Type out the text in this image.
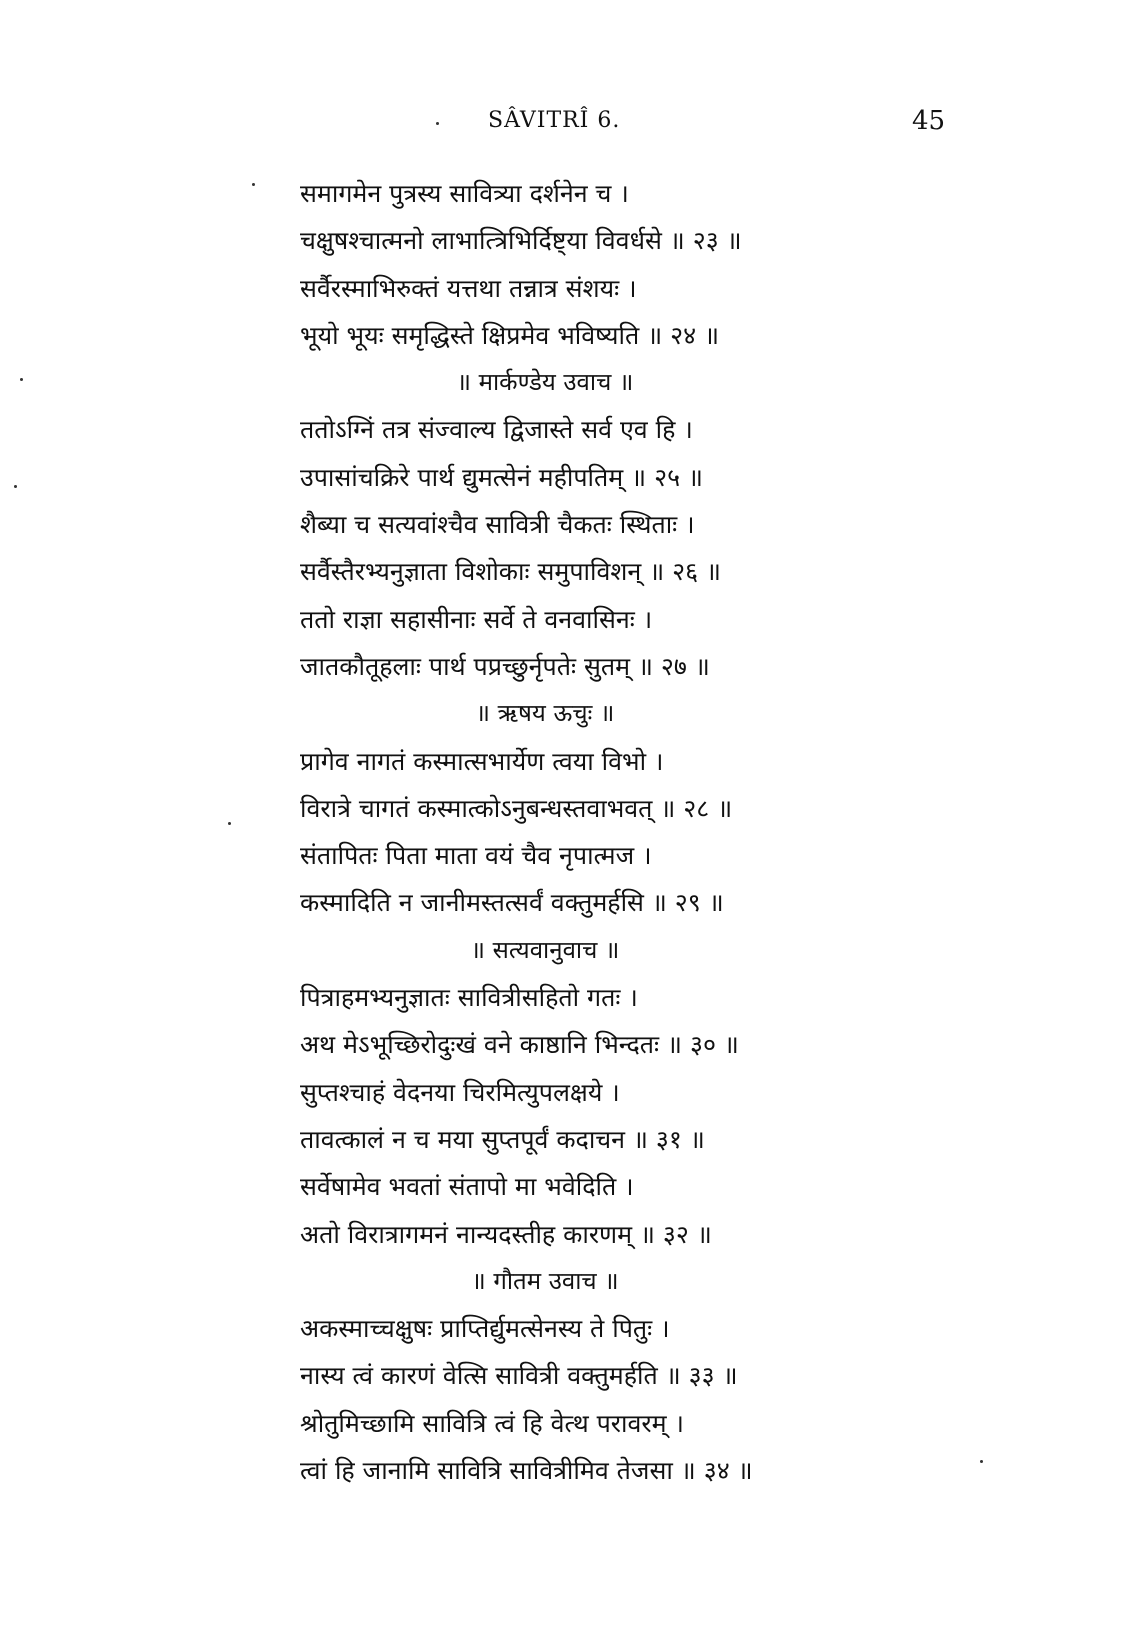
SÂVITRÎ 6.	45
समागमेन पुत्रस्य सावित्र्या दर्शनेन च ।
चक्षुषश्चात्मनो लाभात्त्रिभिर्दिष्ट्या विवर्धसे ॥ २३ ॥
सर्वैरस्माभिरुक्तं यत्तथा तन्नात्र संशयः ।
भूयो भूयः समृद्धिस्ते क्षिप्रमेव भविष्यति ॥ २४ ॥
॥ मार्कण्डेय उवाच ॥
ततोऽग्निं तत्र संज्वाल्य द्विजास्ते सर्व एव हि ।
उपासांचक्रिरे पार्थ द्युमत्सेनं महीपतिम् ॥ २५ ॥
शैब्या च सत्यवांश्चैव सावित्री चैकतः स्थिताः ।
सर्वैस्तैरभ्यनुज्ञाता विशोकाः समुपाविशन् ॥ २६ ॥
ततो राज्ञा सहासीनाः सर्वे ते वनवासिनः ।
जातकौतूहलाः पार्थ पप्रच्छुर्नृपतेः सुतम् ॥ २७ ॥
॥ ऋषय ऊचुः ॥
प्रागेव नागतं कस्मात्सभार्येण त्वया विभो ।
विरात्रे चागतं कस्मात्कोऽनुबन्धस्तवाभवत् ॥ २८ ॥
संतापितः पिता माता वयं चैव नृपात्मज ।
कस्मादिति न जानीमस्तत्सर्वं वक्तुमर्हसि ॥ २९ ॥
॥ सत्यवानुवाच ॥
पित्राहमभ्यनुज्ञातः सावित्रीसहितो गतः ।
अथ मेऽभूच्छिरोदुःखं वने काष्ठानि भिन्दतः ॥ ३० ॥
सुप्तश्चाहं वेदनया चिरमित्युपलक्षये ।
तावत्कालं न च मया सुप्तपूर्वं कदाचन ॥ ३१ ॥
सर्वेषामेव भवतां संतापो मा भवेदिति ।
अतो विरात्रागमनं नान्यदस्तीह कारणम् ॥ ३२ ॥
॥ गौतम उवाच ॥
अकस्माच्चक्षुषः प्राप्तिर्द्युमत्सेनस्य ते पितुः ।
नास्य त्वं कारणं वेत्सि सावित्री वक्तुमर्हति ॥ ३३ ॥
श्रोतुमिच्छामि सावित्रि त्वं हि वेत्थ परावरम् ।
त्वां हि जानामि सावित्रि सावित्रीमिव तेजसा ॥ ३४ ॥
